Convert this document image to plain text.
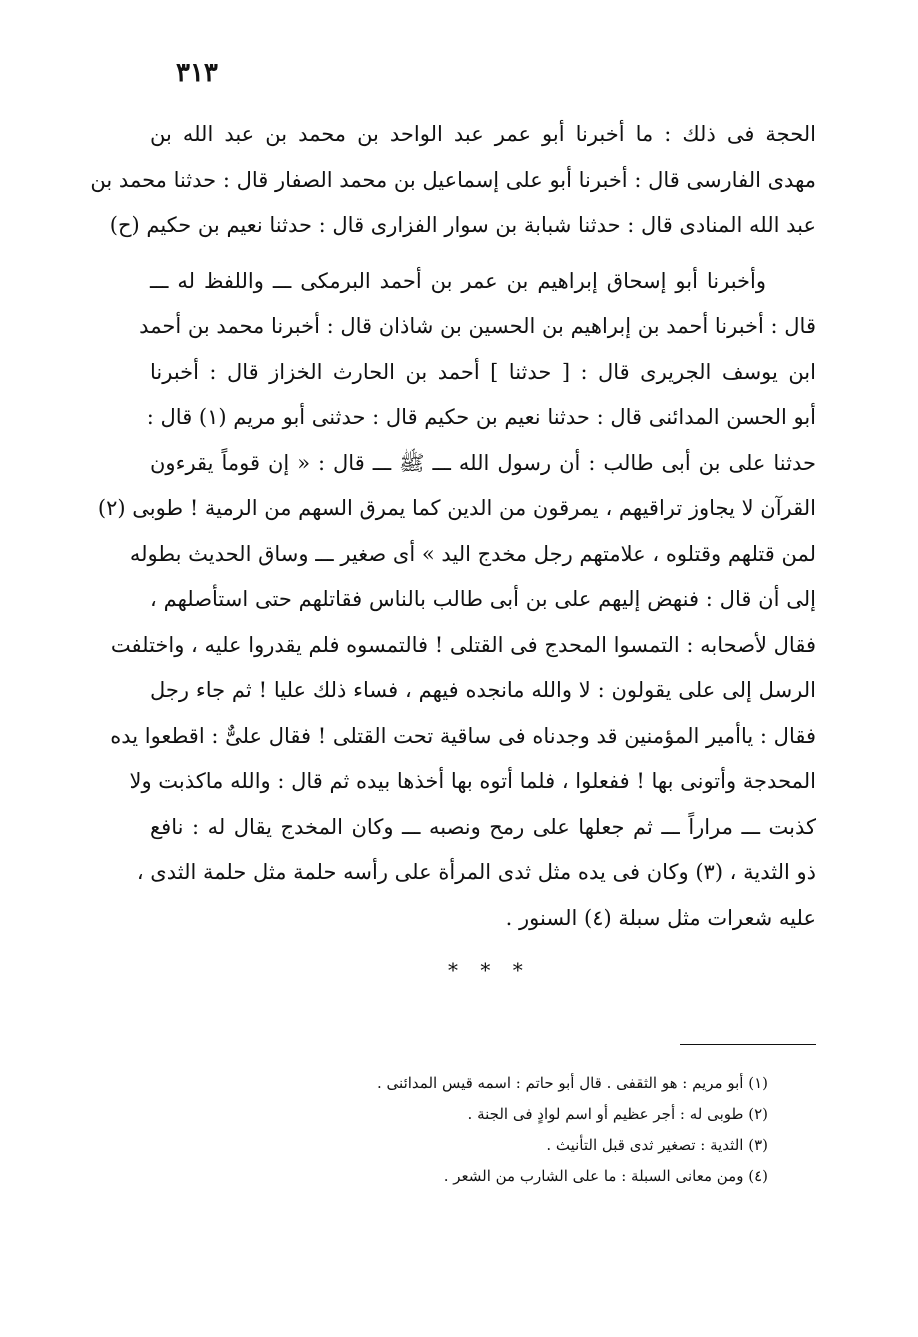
٣١٣
الحجة فى ذلك : ما أخبرنا أبو عمر عبد الواحد بن محمد بن عبد الله بن
مهدى الفارسى قال : أخبرنا أبو على إسماعيل بن محمد الصفار قال : حدثنا محمد بن
عبد الله المنادى قال : حدثنا شبابة بن سوار الفزارى قال : حدثنا نعيم بن حكيم (ح)
وأخبرنا أبو إسحاق إبراهيم بن عمر بن أحمد البرمكى ـــ واللفظ له ـــ
قال : أخبرنا أحمد بن إبراهيم بن الحسين بن شاذان قال : أخبرنا محمد بن أحمد
ابن يوسف الجريرى قال : [ حدثنا ] أحمد بن الحارث الخزاز قال : أخبرنا
أبو الحسن المدائنى قال : حدثنا نعيم بن حكيم قال : حدثنى أبو مريم (١) قال :
حدثنا على بن أبى طالب : أن رسول الله ـــ ﷺ ـــ قال : « إن قوماً يقرءون
القرآن لا يجاوز تراقيهم ، يمرقون من الدين كما يمرق السهم من الرمية ! طوبى (٢)
لمن قتلهم وقتلوه ، علامتهم رجل مخدج اليد » أى صغير ـــ وساق الحديث بطوله
إلى أن قال : فنهض إليهم على بن أبى طالب بالناس فقاتلهم حتى استأصلهم ،
فقال لأصحابه : التمسوا المحدج فى القتلى ! فالتمسوه فلم يقدروا عليه ، واختلفت
الرسل إلى على يقولون : لا والله مانجده فيهم ، فساء ذلك عليا ! ثم جاء رجل
فقال : ياأمير المؤمنين قد وجدناه فى ساقية تحت القتلى ! فقال علىٌّ : اقطعوا يده
المحدجة وأتونى بها ! ففعلوا ، فلما أتوه بها أخذها بيده ثم قال : والله ماكذبت ولا
كذبت ـــ مراراً ـــ ثم جعلها على رمح ونصبه ـــ وكان المخدج يقال له : نافع
ذو الثدية ، (٣) وكان فى يده مثل ثدى المرأة على رأسه حلمة مثل حلمة الثدى ،
عليه شعرات مثل سبلة (٤) السنور .
* * *
(١) أبو مريم : هو الثقفى . قال أبو حاتم : اسمه قيس المدائنى .
(٢) طوبى له : أجر عظيم أو اسم لوادٍ فى الجنة .
(٣) الثدية : تصغير ثدى قبل التأنيث .
(٤) ومن معانى السبلة : ما على الشارب من الشعر .
